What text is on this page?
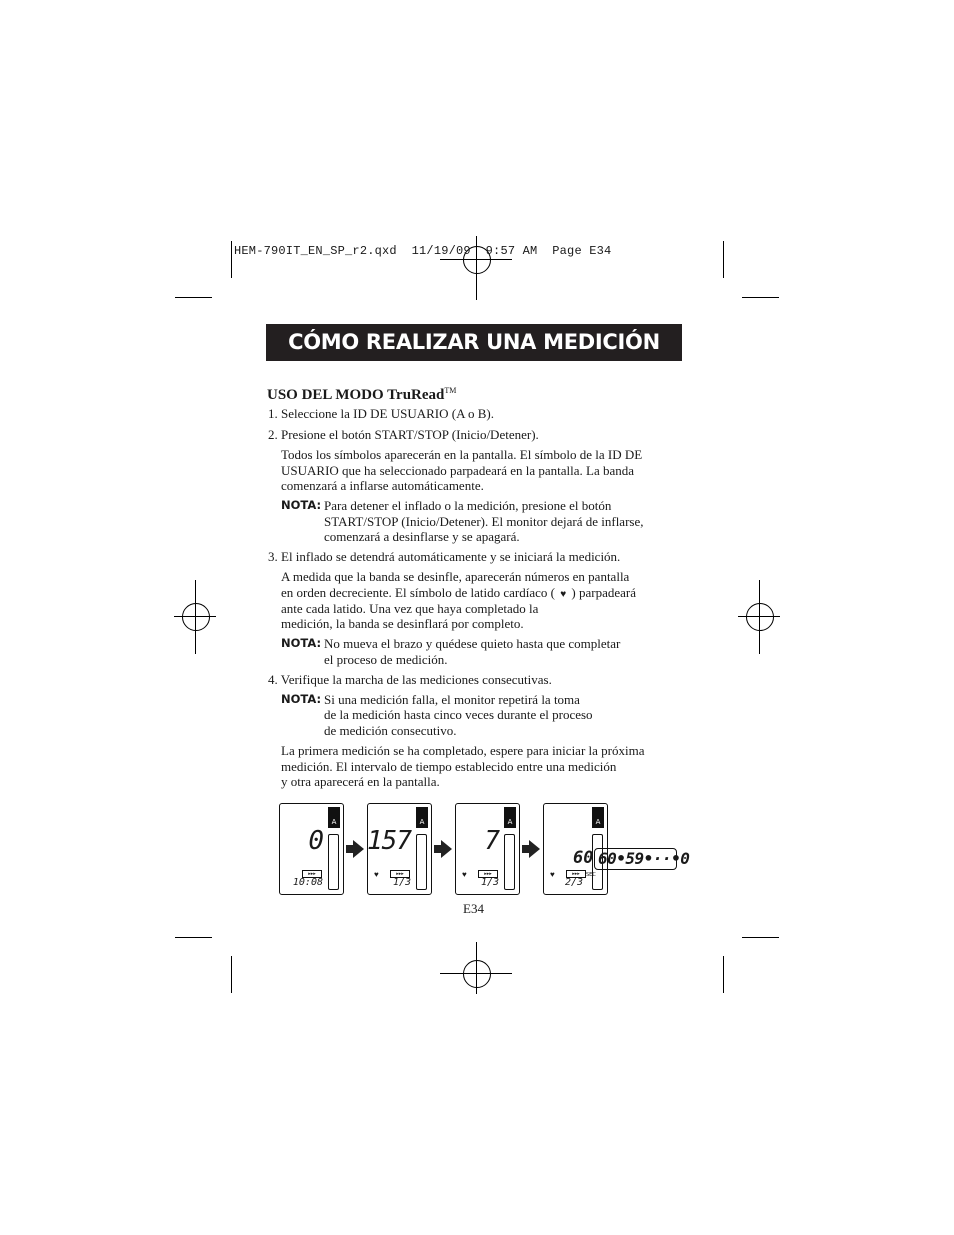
HEM-790IT_EN_SP_r2.qxd  11/19/09  9:57 AM  Page E34
CÓMO REALIZAR UNA MEDICIÓN
USO DEL MODO TruRead™
1. Seleccione la ID DE USUARIO (A o B).
2. Presione el botón START/STOP (Inicio/Detener).
Todos los símbolos aparecerán en la pantalla. El símbolo de la ID DE
USUARIO que ha seleccionado parpadeará en la pantalla. La banda
comenzará a inflarse automáticamente.
NOTA: Para detener el inflado o la medición, presione el botón
START/STOP (Inicio/Detener). El monitor dejará de inflarse,
comenzará a desinflarse y se apagará.
3. El inflado se detendrá automáticamente y se iniciará la medición.
A medida que la banda se desinfle, aparecerán números en pantalla
en orden decreciente. El símbolo de latido cardíaco ( ♥ ) parpadeará
ante cada latido. Una vez que haya completado la
medición, la banda se desinflará por completo.
NOTA: No mueva el brazo y quédese quieto hasta que completar
el proceso de medición.
4. Verifique la marcha de las mediciones consecutivas.
NOTA: Si una medición falla, el monitor repetirá la toma
de la medición hasta cinco veces durante el proceso
de medición consecutivo.
La primera medición se ha completado, espere para iniciar la próxima
medición. El intervalo de tiempo establecido entre una medición
y otra aparecerá en la pantalla.
A
0
▸▸▸
10:08
A
157
♥	▸▸▸
1/3
A
7
♥	▸▸▸
1/3
A
♥	▸▸▸	SEC
2/3
60 60•59•··•0
E34
